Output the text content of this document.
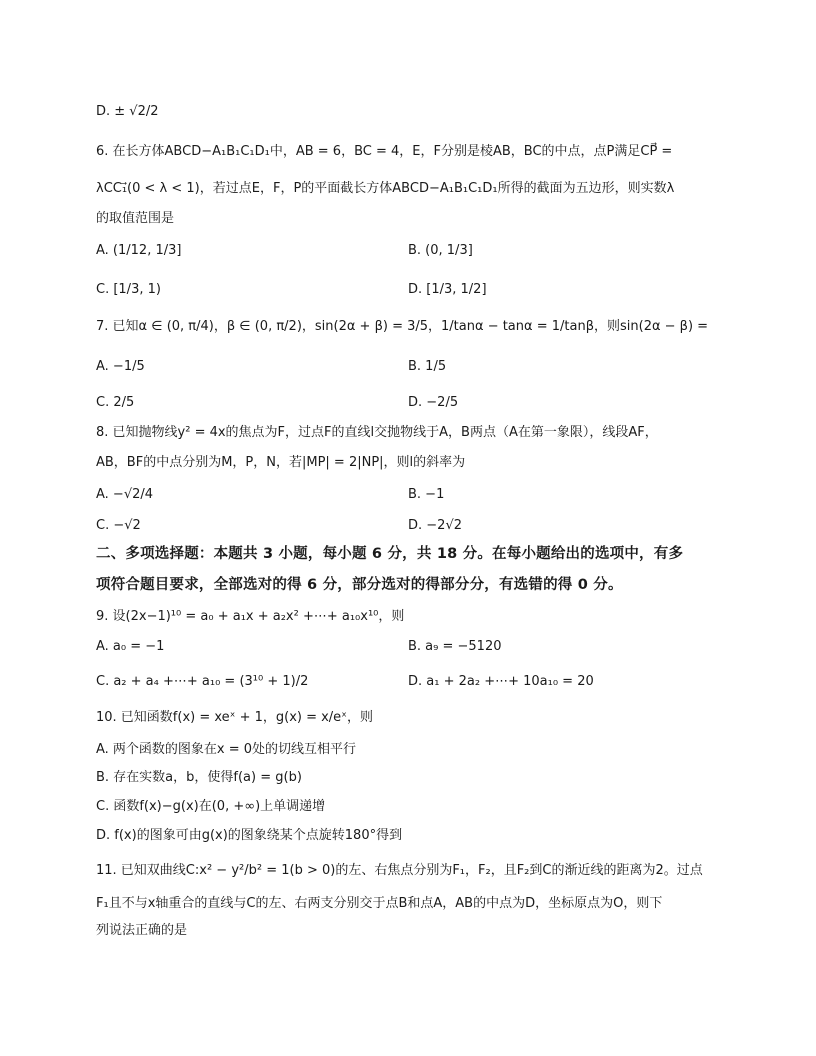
D. ± √2/2
6. 在长方体ABCD−A₁B₁C₁D₁中，AB = 6，BC = 4，E，F分别是棱AB，BC的中点，点P满足CP⃗ =
λCC₁⃗(0 < λ < 1)，若过点E，F，P的平面截长方体ABCD−A₁B₁C₁D₁所得的截面为五边形，则实数λ
的取值范围是
A. (1/12, 1/3]	B. (0, 1/3]
C. [1/3, 1)	D. [1/3, 1/2]
7. 已知α ∈ (0, π/4)，β ∈ (0, π/2)，sin(2α + β) = 3/5，1/tanα − tanα = 1/tanβ，则sin(2α − β) =
A. −1/5	B. 1/5
C. 2/5	D. −2/5
8. 已知抛物线y² = 4x的焦点为F，过点F的直线l交抛物线于A，B两点（A在第一象限），线段AF，
AB，BF的中点分别为M，P，N，若|MP| = 2|NP|，则l的斜率为
A. −√2/4	B. −1
C. −√2	D. −2√2
二、多项选择题：本题共 3 小题，每小题 6 分，共 18 分。在每小题给出的选项中，有多
项符合题目要求，全部选对的得 6 分，部分选对的得部分分，有选错的得 0 分。
9. 设(2x−1)¹⁰ = a₀ + a₁x + a₂x² +⋯+ a₁₀x¹⁰，则
A. a₀ = −1	B. a₉ = −5120
C. a₂ + a₄ +⋯+ a₁₀ = (3¹⁰ + 1)/2	D. a₁ + 2a₂ +⋯+ 10a₁₀ = 20
10. 已知函数f(x) = xeˣ + 1，g(x) = x/eˣ，则
A. 两个函数的图象在x = 0处的切线互相平行
B. 存在实数a，b，使得f(a) = g(b)
C. 函数f(x)−g(x)在(0, +∞)上单调递增
D. f(x)的图象可由g(x)的图象绕某个点旋转180°得到
11. 已知双曲线C:x² − y²/b² = 1(b > 0)的左、右焦点分别为F₁，F₂，且F₂到C的渐近线的距离为2。过点
F₁且不与x轴重合的直线与C的左、右两支分别交于点B和点A，AB的中点为D，坐标原点为O，则下
列说法正确的是
